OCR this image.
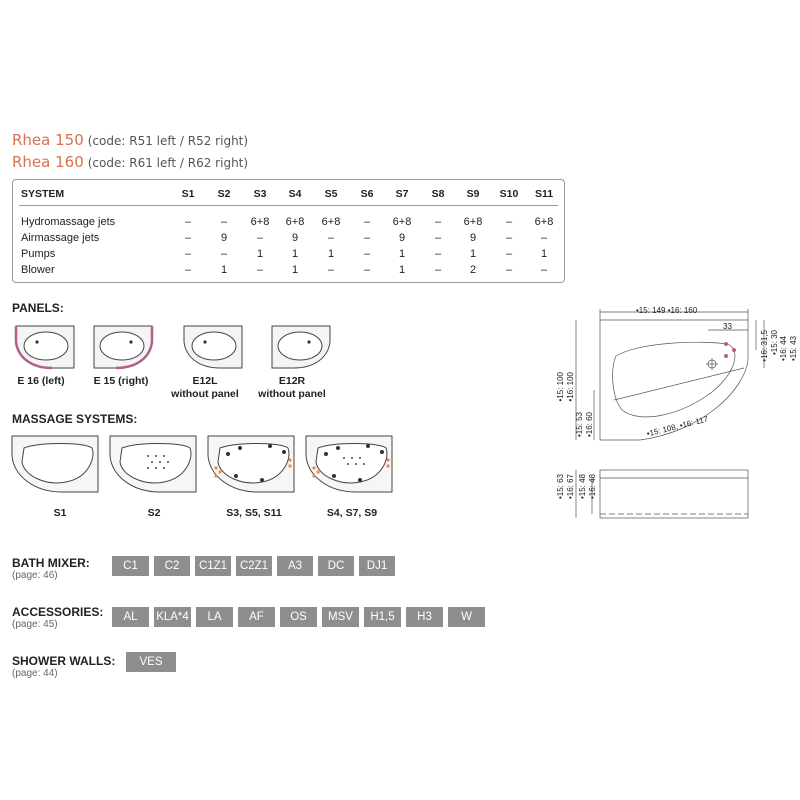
Rhea 150 (code: R51 left / R52 right)
Rhea 160 (code: R61 left / R62 right)
SYSTEM	S1	S2	S3	S4	S5	S6	S7	S8	S9	S10	S11
Hydromassage jets	–	–	6+8	6+8	6+8	–	6+8	–	6+8	–	6+8
Airmassage jets	–	9	–	9	–	–	9	–	9	–	–
Pumps	–	–	1	1	1	–	1	–	1	–	1
Blower	–	1	–	1	–	–	1	–	2	–	–
PANELS:
E 16 (left)	E 15 (right)	E12L
without panel
E12R
without panel
MASSAGE SYSTEMS:
S1	S2	S3, S5, S11	S4, S7, S9
•15: 149 •16: 160
33
•15: 30
•16: 31,5	•15: 43
•16: 44
•15: 100 •16: 100
•15: 53 •16: 60	•15: 108, •16: 117
•15: 63 •16: 67 •15: 48 •16: 48
BATH MIXER:
(page: 46)
C1	C2	C1Z1	C2Z1	A3	DC	DJ1
ACCESSORIES:
(page: 45)
AL	KLA*4	LA	AF	OS	MSV	H1,5	H3	W
SHOWER WALLS:
(page: 44)
VES
